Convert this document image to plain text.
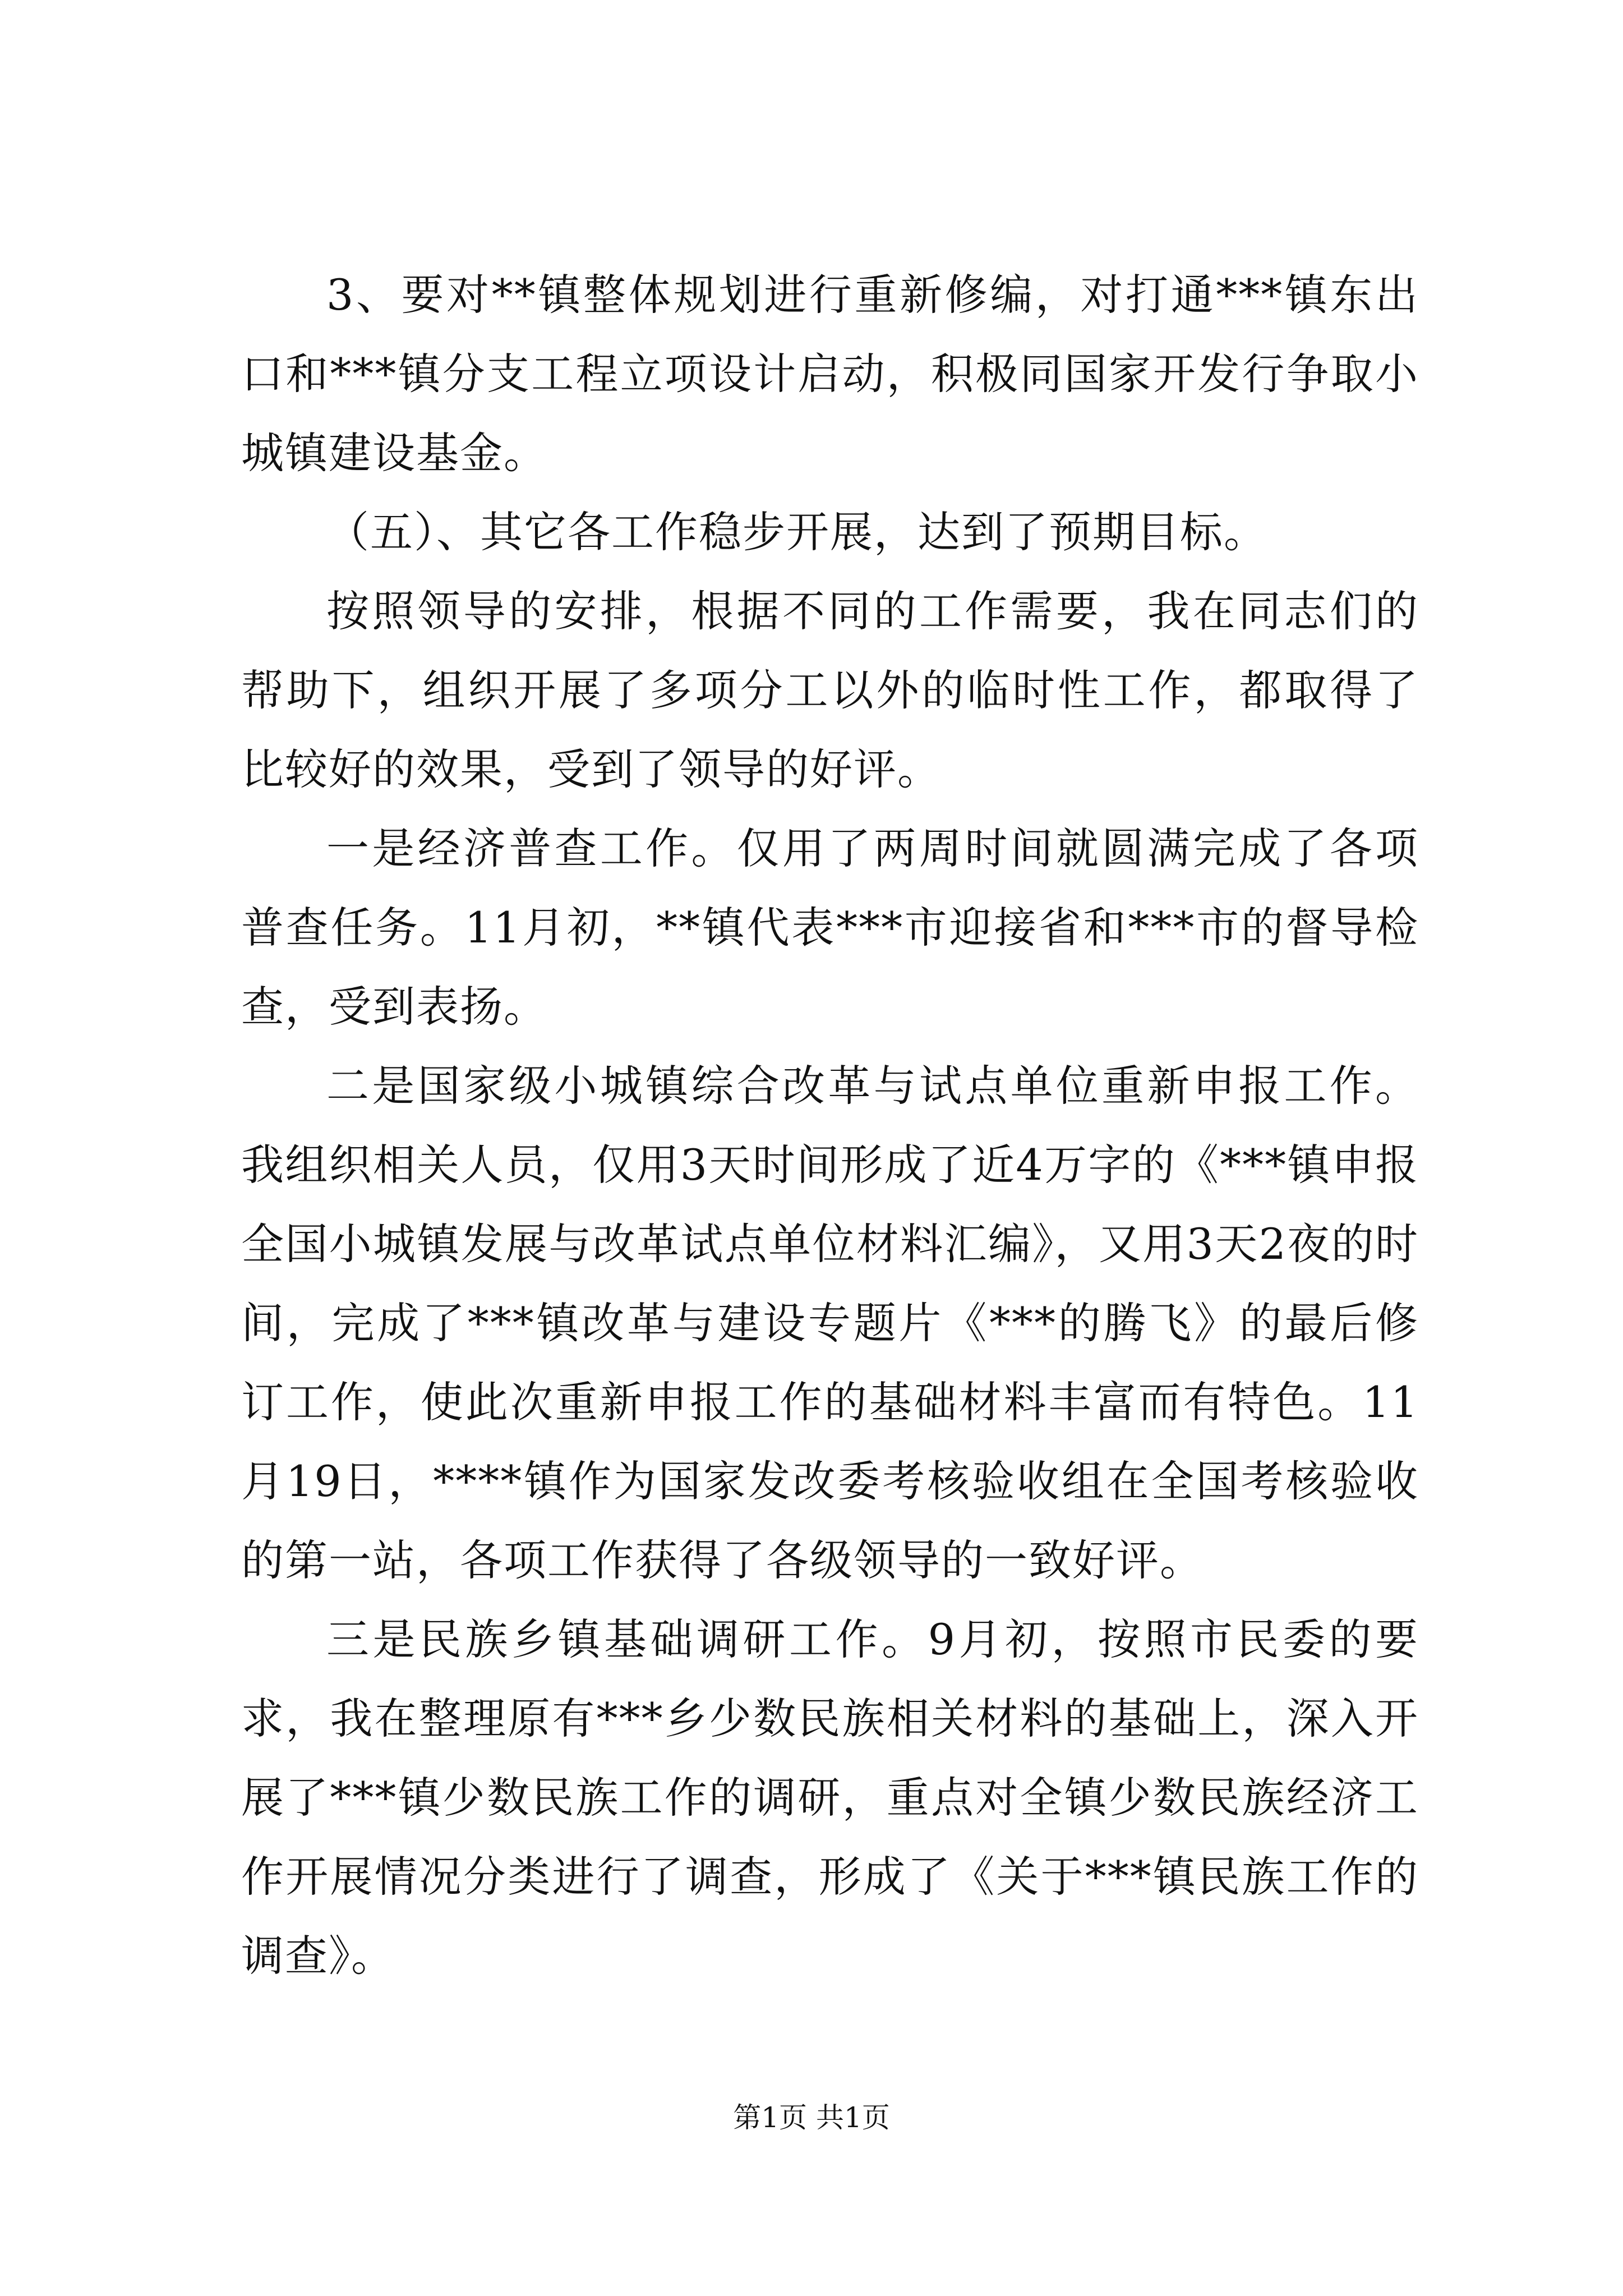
3、要对**镇整体规划进行重新修编，对打通***镇东出口和***镇分支工程立项设计启动，积极同国家开发行争取小城镇建设基金。

（五）、其它各工作稳步开展，达到了预期目标。

按照领导的安排，根据不同的工作需要，我在同志们的帮助下，组织开展了多项分工以外的临时性工作，都取得了比较好的效果，受到了领导的好评。

一是经济普查工作。仅用了两周时间就圆满完成了各项普查任务。11月初，**镇代表***市迎接省和***市的督导检查，受到表扬。

二是国家级小城镇综合改革与试点单位重新申报工作。我组织相关人员，仅用3天时间形成了近4万字的《***镇申报全国小城镇发展与改革试点单位材料汇编》，又用3天2夜的时间，完成了***镇改革与建设专题片《***的腾飞》的最后修订工作，使此次重新申报工作的基础材料丰富而有特色。11月19日，****镇作为国家发改委考核验收组在全国考核验收的第一站，各项工作获得了各级领导的一致好评。

三是民族乡镇基础调研工作。9月初，按照市民委的要求，我在整理原有***乡少数民族相关材料的基础上，深入开展了***镇少数民族工作的调研，重点对全镇少数民族经济工作开展情况分类进行了调查，形成了《关于***镇民族工作的调查》。

第1页 共1页
